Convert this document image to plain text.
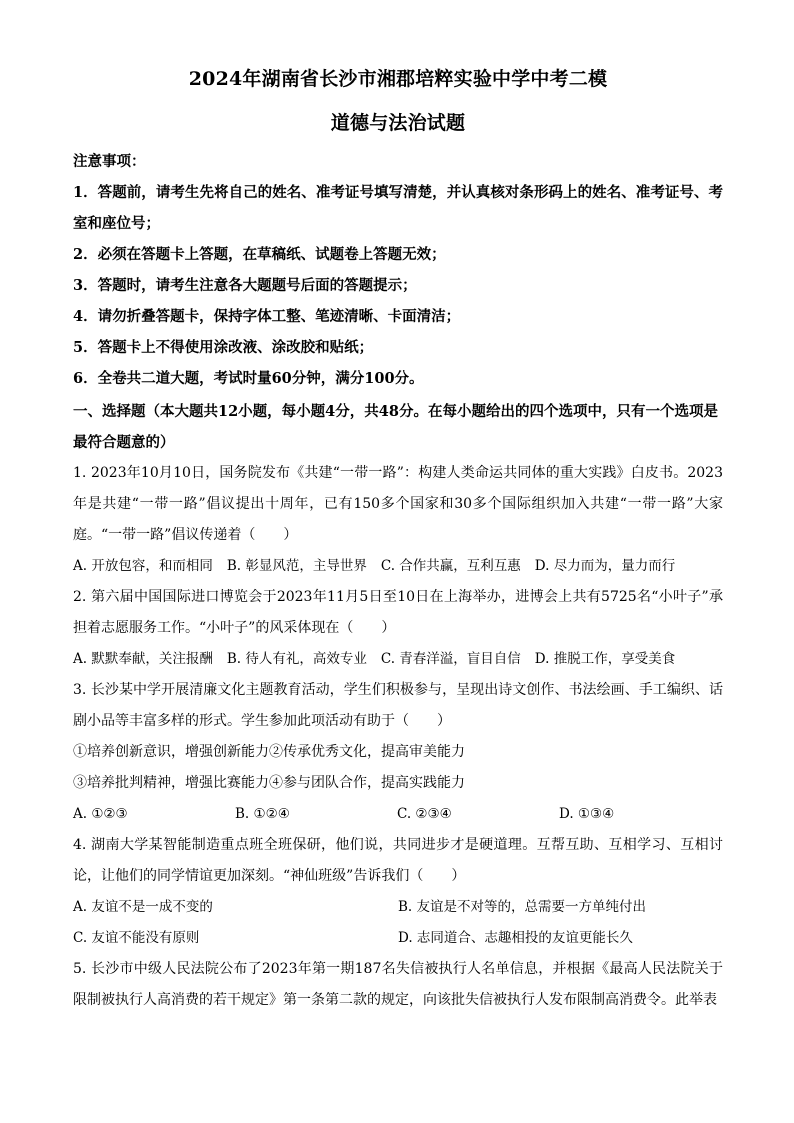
2024年湖南省长沙市湘郡培粹实验中学中考二模
道德与法治试题
注意事项：
1．答题前，请考生先将自己的姓名、准考证号填写清楚，并认真核对条形码上的姓名、准考证号、考室和座位号；
2．必须在答题卡上答题，在草稿纸、试题卷上答题无效；
3．答题时，请考生注意各大题题号后面的答题提示；
4．请勿折叠答题卡，保持字体工整、笔迹清晰、卡面清洁；
5．答题卡上不得使用涂改液、涂改胶和贴纸；
6．全卷共二道大题，考试时量60分钟，满分100分。
一、选择题（本大题共12小题，每小题4分，共48分。在每小题给出的四个选项中，只有一个选项是最符合题意的）
1. 2023年10月10日，国务院发布《共建“一带一路”：构建人类命运共同体的重大实践》白皮书。2023年是共建“一带一路”倡议提出十周年，已有150多个国家和30多个国际组织加入共建“一带一路”大家庭。“一带一路”倡议传递着（　　）
A. 开放包容，和而相同 B. 彰显风范，主导世界 C. 合作共赢，互利互惠 D. 尽力而为，量力而行
2. 第六届中国国际进口博览会于2023年11月5日至10日在上海举办，进博会上共有5725名“小叶子”承担着志愿服务工作。“小叶子”的风采体现在（　　）
A. 默默奉献，关注报酬 B. 待人有礼，高效专业 C. 青春洋溢，盲目自信 D. 推脱工作，享受美食
3. 长沙某中学开展清廉文化主题教育活动，学生们积极参与，呈现出诗文创作、书法绘画、手工编织、话剧小品等丰富多样的形式。学生参加此项活动有助于（　　）
①培养创新意识，增强创新能力②传承优秀文化，提高审美能力
③培养批判精神，增强比赛能力④参与团队合作，提高实践能力
A. ①②③	B. ①②④	C. ②③④	D. ①③④
4. 湖南大学某智能制造重点班全班保研，他们说，共同进步才是硬道理。互帮互助、互相学习、互相讨论，让他们的同学情谊更加深刻。“神仙班级”告诉我们（　　）
A. 友谊不是一成不变的	B. 友谊是不对等的，总需要一方单纯付出
C. 友谊不能没有原则	D. 志同道合、志趣相投的友谊更能长久
5. 长沙市中级人民法院公布了2023年第一期187名失信被执行人名单信息，并根据《最高人民法院关于限制被执行人高消费的若干规定》第一条第二款的规定，向该批失信被执行人发布限制高消费令。此举表
